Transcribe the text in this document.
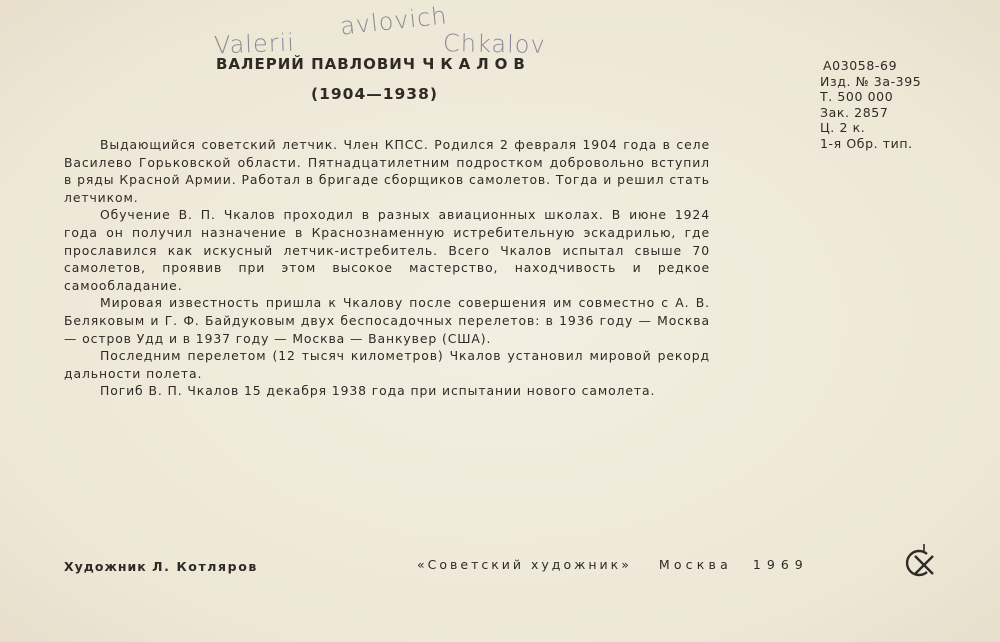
Valerii
avlovich
Chkalov
ВАЛЕРИЙ ПАВЛОВИЧ ЧКАЛОВ
(1904—1938)
А03058-69
Изд. № 3а-395
Т. 500 000
Зак. 2857
Ц. 2 к.
1-я Обр. тип.

Выдающийся советский летчик. Член КПСС. Родился 2 февраля 1904 года в селе Василево Горьковской области. Пятнадцатилетним подростком добровольно вступил в ряды Красной Армии. Работал в бригаде сборщиков самолетов. Тогда и решил стать летчиком.

Обучение В. П. Чкалов проходил в разных авиационных школах. В июне 1924 года он получил назначение в Краснознаменную истребительную эскадрилью, где прославился как искусный летчик-истребитель. Всего Чкалов испытал свыше 70 самолетов, проявив при этом высокое мастерство, находчивость и редкое самообладание.

Мировая известность пришла к Чкалову после совершения им совместно с А. В. Беляковым и Г. Ф. Байдуковым двух беспосадочных перелетов: в 1936 году — Москва — остров Удд и в 1937 году — Москва — Ванкувер (США).

Последним перелетом (12 тысяч километров) Чкалов установил мировой рекорд дальности полета.

Погиб В. П. Чкалов 15 декабря 1938 года при испытании нового самолета.

Художник Л. Котляров	«Советский художник» Москва 1969
